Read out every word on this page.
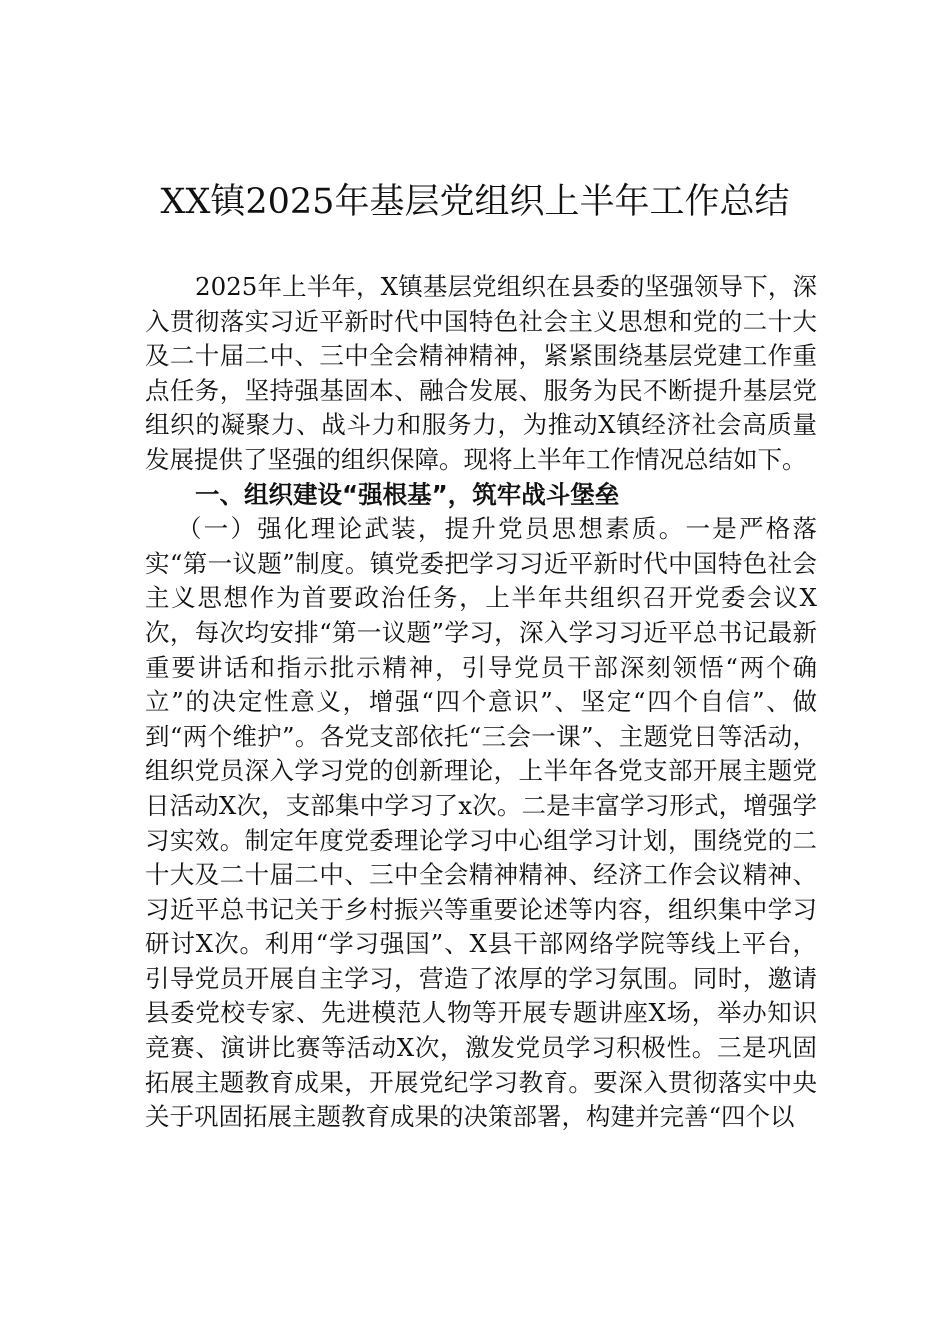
XX镇2025年基层党组织上半年工作总结

2025年上半年，X镇基层党组织在县委的坚强领导下，深入贯彻落实习近平新时代中国特色社会主义思想和党的二十大及二十届二中、三中全会精神精神，紧紧围绕基层党建工作重点任务，坚持强基固本、融合发展、服务为民不断提升基层党组织的凝聚力、战斗力和服务力，为推动X镇经济社会高质量发展提供了坚强的组织保障。现将上半年工作情况总结如下。

一、组织建设“强根基”，筑牢战斗堡垒

（一）强化理论武装，提升党员思想素质。一是严格落实“第一议题”制度。镇党委把学习习近平新时代中国特色社会主义思想作为首要政治任务，上半年共组织召开党委会议X次，每次均安排“第一议题”学习，深入学习习近平总书记最新重要讲话和指示批示精神，引导党员干部深刻领悟“两个确立”的决定性意义，增强“四个意识”、坚定“四个自信”、做到“两个维护”。各党支部依托“三会一课”、主题党日等活动，组织党员深入学习党的创新理论，上半年各党支部开展主题党日活动X次，支部集中学习了x次。二是丰富学习形式，增强学习实效。制定年度党委理论学习中心组学习计划，围绕党的二十大及二十届二中、三中全会精神精神、经济工作会议精神、习近平总书记关于乡村振兴等重要论述等内容，组织集中学习研讨X次。利用“学习强国”、X县干部网络学院等线上平台，引导党员开展自主学习，营造了浓厚的学习氛围。同时，邀请县委党校专家、先进模范人物等开展专题讲座X场，举办知识竞赛、演讲比赛等活动X次，激发党员学习积极性。三是巩固拓展主题教育成果，开展党纪学习教育。要深入贯彻落实中央关于巩固拓展主题教育成果的决策部署，构建并完善“四个以
